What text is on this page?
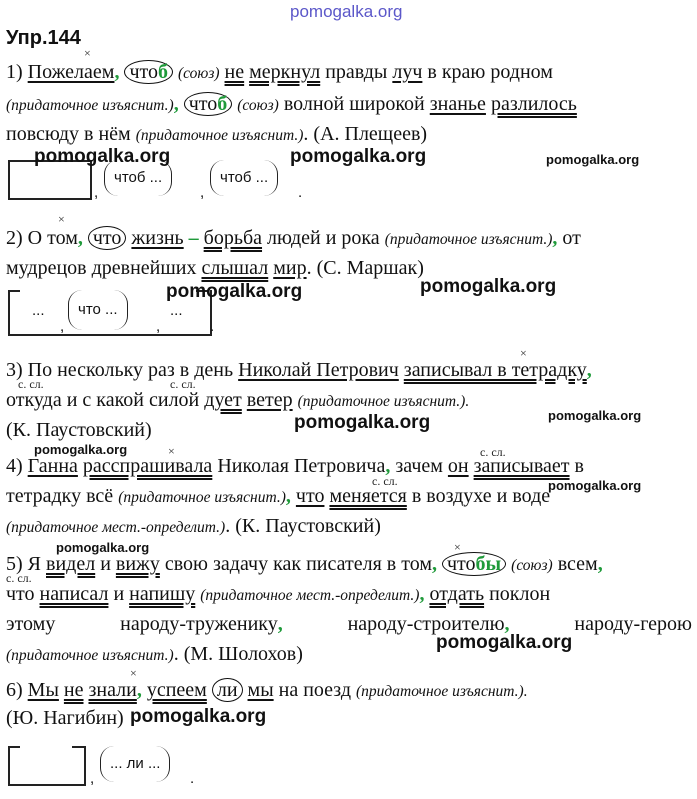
pomogalka.org
Упр.144
×
1) Пожелаем, чтоб (союз) не меркнул правды луч в краю родном
(придаточное изъяснит.), чтоб (союз) волной широкой знанье разлилось
повсюду в нём (придаточное изъяснит.). (А. Плещеев)
,
чтоб ...
,
чтоб ...
.
pomogalka.org	pomogalka.org	pomogalka.org
×
2) О том, что жизнь – борьба людей и рока (придаточное изъяснит.), от
мудрецов древнейших слышал мир. (С. Маршак)
...
,
что ...
,
...
.
pomogalka.org	pomogalka.org
×
3) По нескольку раз в день Николай Петрович записывал в тетрадку,
с. сл.	с. сл.
откуда и с какой силой дует ветер (придаточное изъяснит.).
(К. Паустовский)	pomogalka.org	pomogalka.org
pomogalka.org	×	с. сл.
4) Ганна расспрашивала Николая Петровича, зачем он записывает в
с. сл.
тетрадку всё (придаточное изъяснит.), что меняется в воздухе и воде
(придаточное мест.-определит.). (К. Паустовский)
pomogalka.org
pomogalka.org	×
5) Я видел и вижу свою задачу как писателя в том, чтобы (союз) всем,
с. сл.
что написал и напишу (придаточное мест.-определит.), отдать поклон
этому	народу-труженику,	народу-строителю,	народу-герою
(придаточное изъяснит.). (М. Шолохов)
pomogalka.org
×
6) Мы не знали, успеем ли мы на поезд (придаточное изъяснит.).
(Ю. Нагибин) pomogalka.org
,
... ли ...
.
